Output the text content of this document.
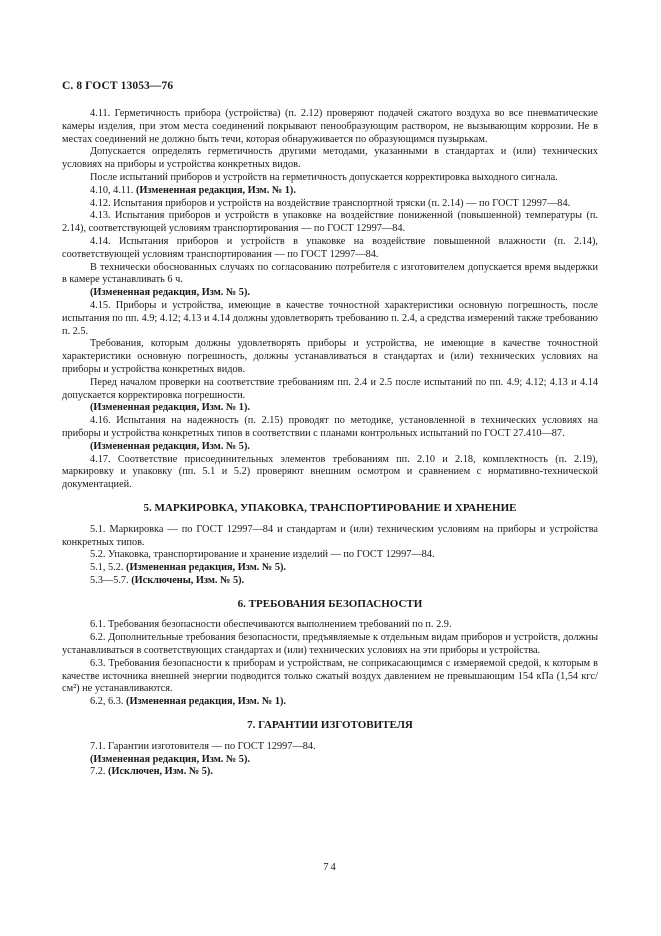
С. 8 ГОСТ 13053—76

4.11. Герметичность прибора (устройства) (п. 2.12) проверяют подачей сжатого воздуха во все пневматические камеры изделия, при этом места соединений покрывают пенообразующим раствором, не вызывающим коррозии. Не в местах соединений не должно быть течи, которая обнаруживается по образующимся пузырькам.

Допускается определять герметичность другими методами, указанными в стандартах и (или) технических условиях на приборы и устройства конкретных видов.

После испытаний приборов и устройств на герметичность допускается корректировка выходного сигнала.

4.10, 4.11. (Измененная редакция, Изм. № 1).

4.12. Испытания приборов и устройств на воздействие транспортной тряски (п. 2.14) — по ГОСТ 12997—84.

4.13. Испытания приборов и устройств в упаковке на воздействие пониженной (повышенной) температуры (п. 2.14), соответствующей условиям транспортирования — по ГОСТ 12997—84.

4.14. Испытания приборов и устройств в упаковке на воздействие повышенной влажности (п. 2.14), соответствующей условиям транспортирования — по ГОСТ 12997—84.

В технически обоснованных случаях по согласованию потребителя с изготовителем допускается время выдержки в камере устанавливать 6 ч.

(Измененная редакция, Изм. № 5).

4.15. Приборы и устройства, имеющие в качестве точностной характеристики основную погрешность, после испытания по пп. 4.9; 4.12; 4.13 и 4.14 должны удовлетворять требованию п. 2.4, а средства измерений также требованию п. 2.5.

Требования, которым должны удовлетворять приборы и устройства, не имеющие в качестве точностной характеристики основную погрешность, должны устанавливаться в стандартах и (или) технических условиях на приборы и устройства конкретных видов.

Перед началом проверки на соответствие требованиям пп. 2.4 и 2.5 после испытаний по пп. 4.9; 4.12; 4.13 и 4.14 допускается корректировка погрешности.

(Измененная редакция, Изм. № 1).

4.16. Испытания на надежность (п. 2.15) проводят по методике, установленной в технических условиях на приборы и устройства конкретных типов в соответствии с планами контрольных испытаний по ГОСТ 27.410—87.

(Измененная редакция, Изм. № 5).

4.17. Соответствие присоединительных элементов требованиям пп. 2.10 и 2.18, комплектность (п. 2.19), маркировку и упаковку (пп. 5.1 и 5.2) проверяют внешним осмотром и сравнением с нормативно-технической документацией.

5. МАРКИРОВКА, УПАКОВКА, ТРАНСПОРТИРОВАНИЕ И ХРАНЕНИЕ

5.1. Маркировка — по ГОСТ 12997—84 и стандартам и (или) техническим условиям на приборы и устройства конкретных типов.

5.2. Упаковка, транспортирование и хранение изделий — по ГОСТ 12997—84.

5.1, 5.2. (Измененная редакция, Изм. № 5).

5.3—5.7. (Исключены, Изм. № 5).

6. ТРЕБОВАНИЯ БЕЗОПАСНОСТИ

6.1. Требования безопасности обеспечиваются выполнением требований по п. 2.9.

6.2. Дополнительные требования безопасности, предъявляемые к отдельным видам приборов и устройств, должны устанавливаться в соответствующих стандартах и (или) технических условиях на эти приборы и устройства.

6.3. Требования безопасности к приборам и устройствам, не соприкасающимся с измеряемой средой, к которым в качестве источника внешней энергии подводится только сжатый воздух давлением не превышающим 154 кПа (1,54 кгс/см²) не устанавливаются.

6.2, 6.3. (Измененная редакция, Изм. № 1).

7. ГАРАНТИИ ИЗГОТОВИТЕЛЯ

7.1. Гарантии изготовителя — по ГОСТ 12997—84.

(Измененная редакция, Изм. № 5).

7.2. (Исключен, Изм. № 5).

74
